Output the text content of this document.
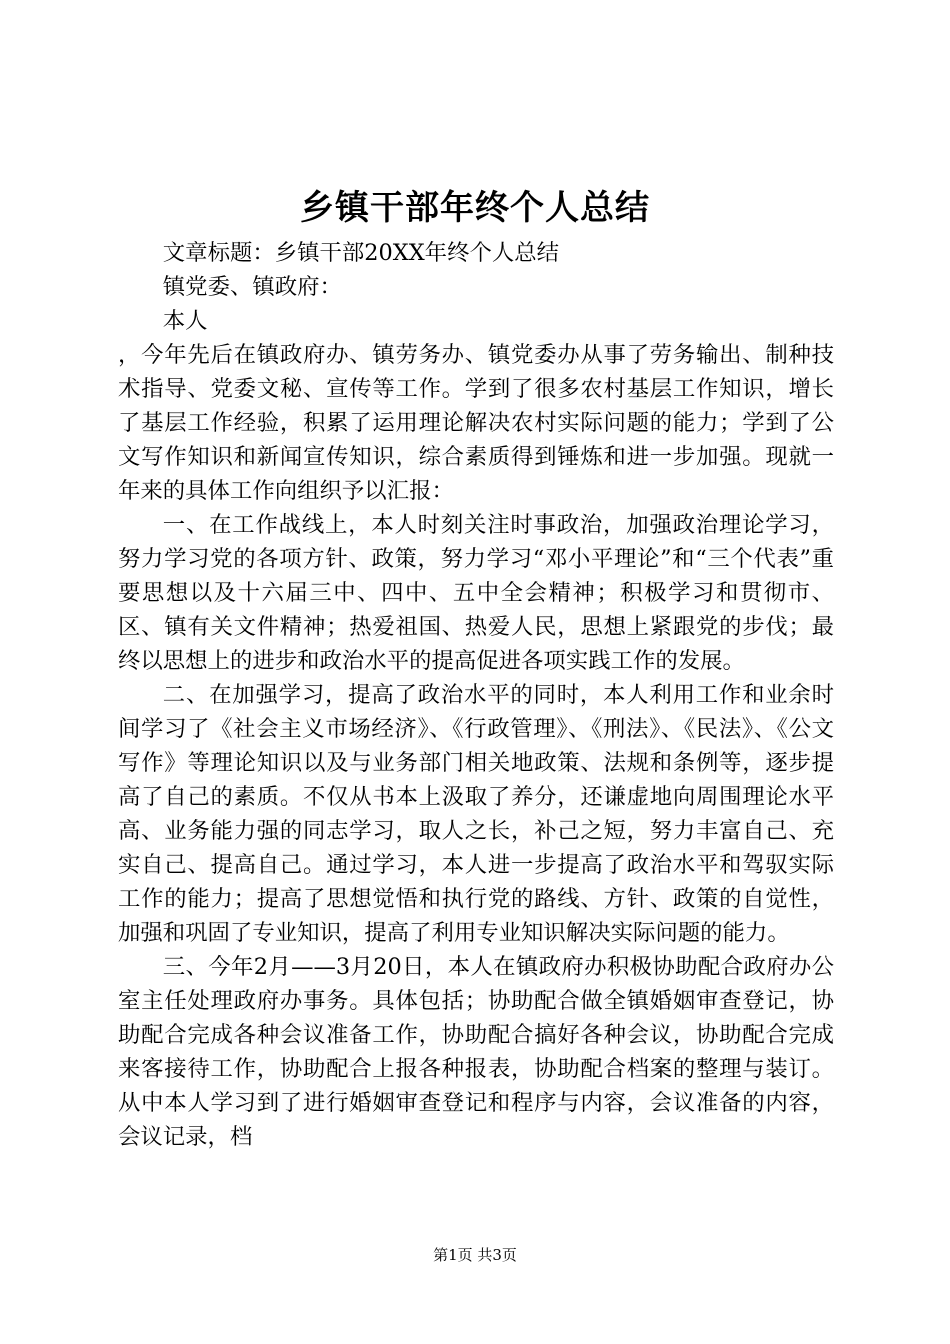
乡镇干部年终个人总结

文章标题：乡镇干部20XX年终个人总结

镇党委、镇政府：

本人

，今年先后在镇政府办、镇劳务办、镇党委办从事了劳务输出、制种技术指导、党委文秘、宣传等工作。学到了很多农村基层工作知识，增长了基层工作经验，积累了运用理论解决农村实际问题的能力；学到了公文写作知识和新闻宣传知识，综合素质得到锤炼和进一步加强。现就一年来的具体工作向组织予以汇报：

一、在工作战线上，本人时刻关注时事政治，加强政治理论学习，努力学习党的各项方针、政策，努力学习“邓小平理论”和“三个代表”重要思想以及十六届三中、四中、五中全会精神；积极学习和贯彻市、区、镇有关文件精神；热爱祖国、热爱人民，思想上紧跟党的步伐；最终以思想上的进步和政治水平的提高促进各项实践工作的发展。

二、在加强学习，提高了政治水平的同时，本人利用工作和业余时间学习了《社会主义市场经济》、《行政管理》、《刑法》、《民法》、《公文写作》等理论知识以及与业务部门相关地政策、法规和条例等，逐步提高了自己的素质。不仅从书本上汲取了养分，还谦虚地向周围理论水平高、业务能力强的同志学习，取人之长，补己之短，努力丰富自己、充实自己、提高自己。通过学习，本人进一步提高了政治水平和驾驭实际工作的能力；提高了思想觉悟和执行党的路线、方针、政策的自觉性，加强和巩固了专业知识，提高了利用专业知识解决实际问题的能力。

三、今年2月——3月20日，本人在镇政府办积极协助配合政府办公室主任处理政府办事务。具体包括；协助配合做全镇婚姻审查登记，协助配合完成各种会议准备工作，协助配合搞好各种会议，协助配合完成来客接待工作，协助配合上报各种报表，协助配合档案的整理与装订。从中本人学习到了进行婚姻审查登记和程序与内容，会议准备的内容，会议记录，档

第1页 共3页
